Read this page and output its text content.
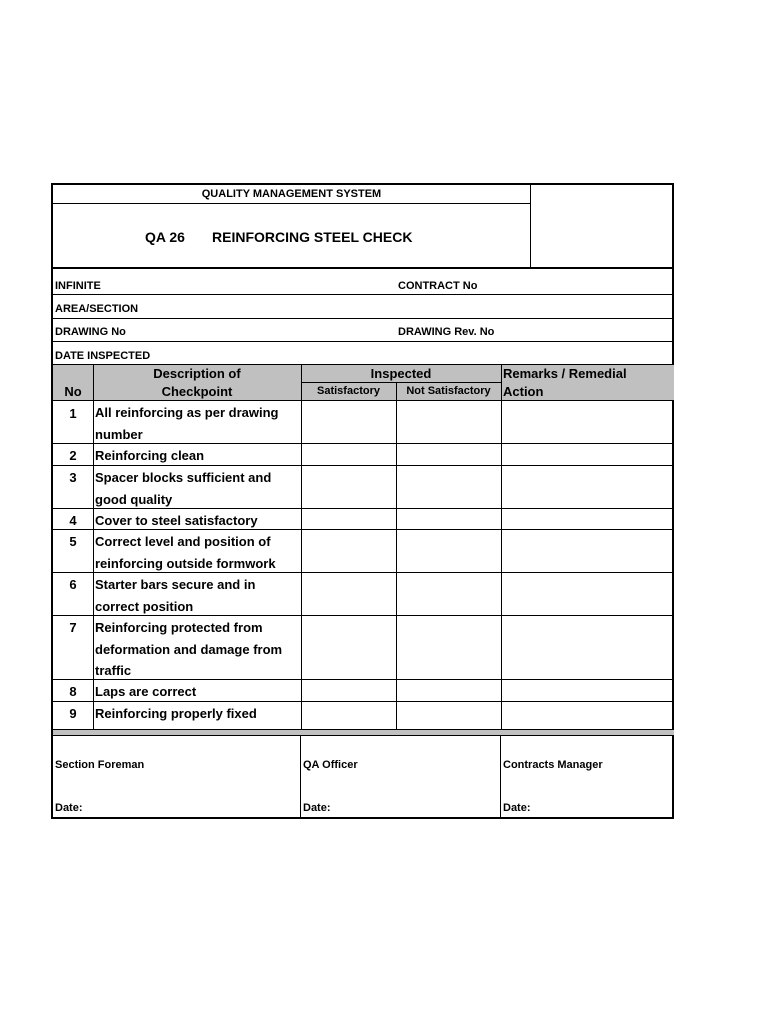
QUALITY MANAGEMENT SYSTEM
QA 26 REINFORCING STEEL CHECK
INFINITE	CONTRACT No
AREA/SECTION
DRAWING No	DRAWING Rev. No
DATE INSPECTED
No
Description of
Checkpoint
Inspected
Satisfactory	Not Satisfactory
Remarks / Remedial
Action
1	All reinforcing as per drawing number
2	Reinforcing clean
3	Spacer blocks sufficient and good quality
4	Cover to steel satisfactory
5	Correct level and position of reinforcing outside formwork
6	Starter bars secure and in correct position
7	Reinforcing protected from deformation and damage from traffic
8	Laps are correct
9	Reinforcing properly fixed
Section Foreman	QA Officer	Contracts Manager
Date:	Date:	Date:
